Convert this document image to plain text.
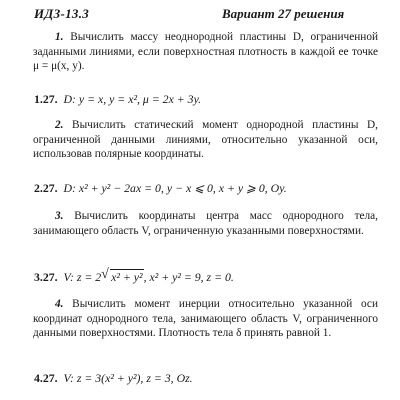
ИДЗ-13.3	Вариант 27 решения

1. Вычислить массу неоднородной пластины D, ограниченной заданными линиями, если поверхностная плотность в каждой ее точке μ = μ(x, y).

1.27. D: y = x, y = x², μ = 2x + 3y.

2. Вычислить статический момент однородной пластины D, ограниченной данными линиями, относительно указанной оси, использовав полярные координаты.

2.27. D: x² + y² − 2ax = 0, y − x ⩽ 0, x + y ⩾ 0, Oy.

3. Вычислить координаты центра масс однородного тела, занимающего область V, ограниченную указанными поверхностями.

3.27. V: z = 2 √ x² + y², x² + y² = 9, z = 0.

4. Вычислить момент инерции относительно указанной оси координат однородного тела, занимающего область V, ограниченного данными поверхностями. Плотность тела δ принять равной 1.

4.27. V: z = 3(x² + y²), z = 3, Oz.
